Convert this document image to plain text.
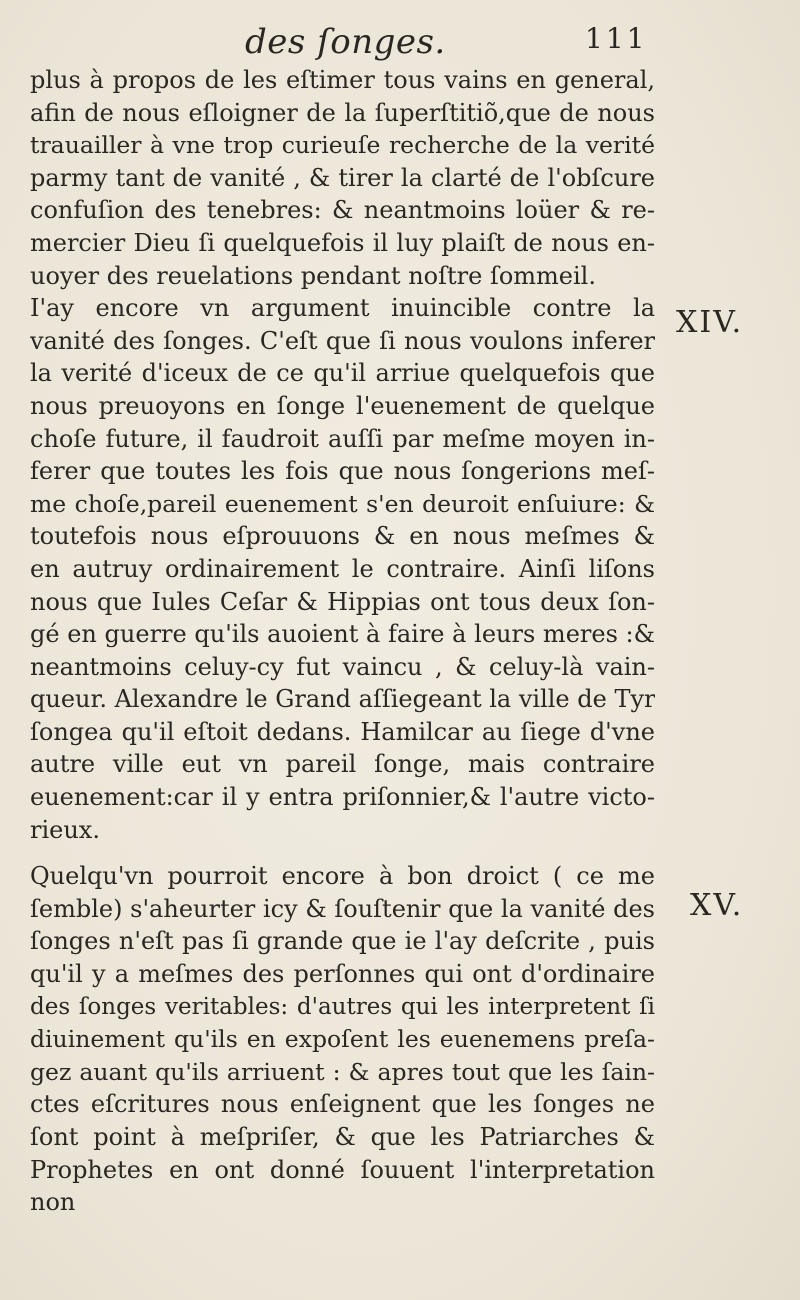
des ſonges.	111
XIV.
XV.
plus à propos de les eſtimer tous vains en general,
afin de nous eſloigner de la ſuperſtitiõ,que de nous
trauailler à vne trop curieuſe recherche de la verité
parmy tant de vanité , & tirer la clarté de l'obſcure
confuſion des tenebres: & neantmoins loüer & re-
mercier Dieu ſi quelquefois il luy plaiſt de nous en-
uoyer des reuelations pendant noſtre ſommeil.
I'ay encore vn argument inuincible contre la
vanité des ſonges. C'eſt que ſi nous voulons inferer
la verité d'iceux de ce qu'il arriue quelquefois que
nous preuoyons en ſonge l'euenement de quelque
choſe future, il faudroit auſſi par meſme moyen in-
ferer que toutes les fois que nous ſongerions meſ-
me choſe,pareil euenement s'en deuroit enſuiure: &
toutefois nous eſprouuons & en nous meſmes &
en autruy ordinairement le contraire. Ainſi liſons
nous que Iules Ceſar & Hippias ont tous deux ſon-
gé en guerre qu'ils auoient à faire à leurs meres :&
neantmoins celuy-cy fut vaincu , & celuy-là vain-
queur. Alexandre le Grand aſſiegeant la ville de Tyr
ſongea qu'il eſtoit dedans. Hamilcar au ſiege d'vne
autre ville eut vn pareil ſonge, mais contraire
euenement:car il y entra priſonnier,& l'autre victo-
rieux.
Quelqu'vn pourroit encore à bon droict ( ce me
ſemble) s'aheurter icy & ſouſtenir que la vanité des
ſonges n'eſt pas ſi grande que ie l'ay deſcrite , puis
qu'il y a meſmes des perſonnes qui ont d'ordinaire
des ſonges veritables: d'autres qui les interpretent ſi
diuinement qu'ils en expoſent les euenemens preſa-
gez auant qu'ils arriuent : & apres tout que les ſain-
ctes eſcritures nous enſeignent que les ſonges ne
ſont point à meſpriſer, & que les Patriarches &
Prophetes en ont donné ſouuent l'interpretation
non
